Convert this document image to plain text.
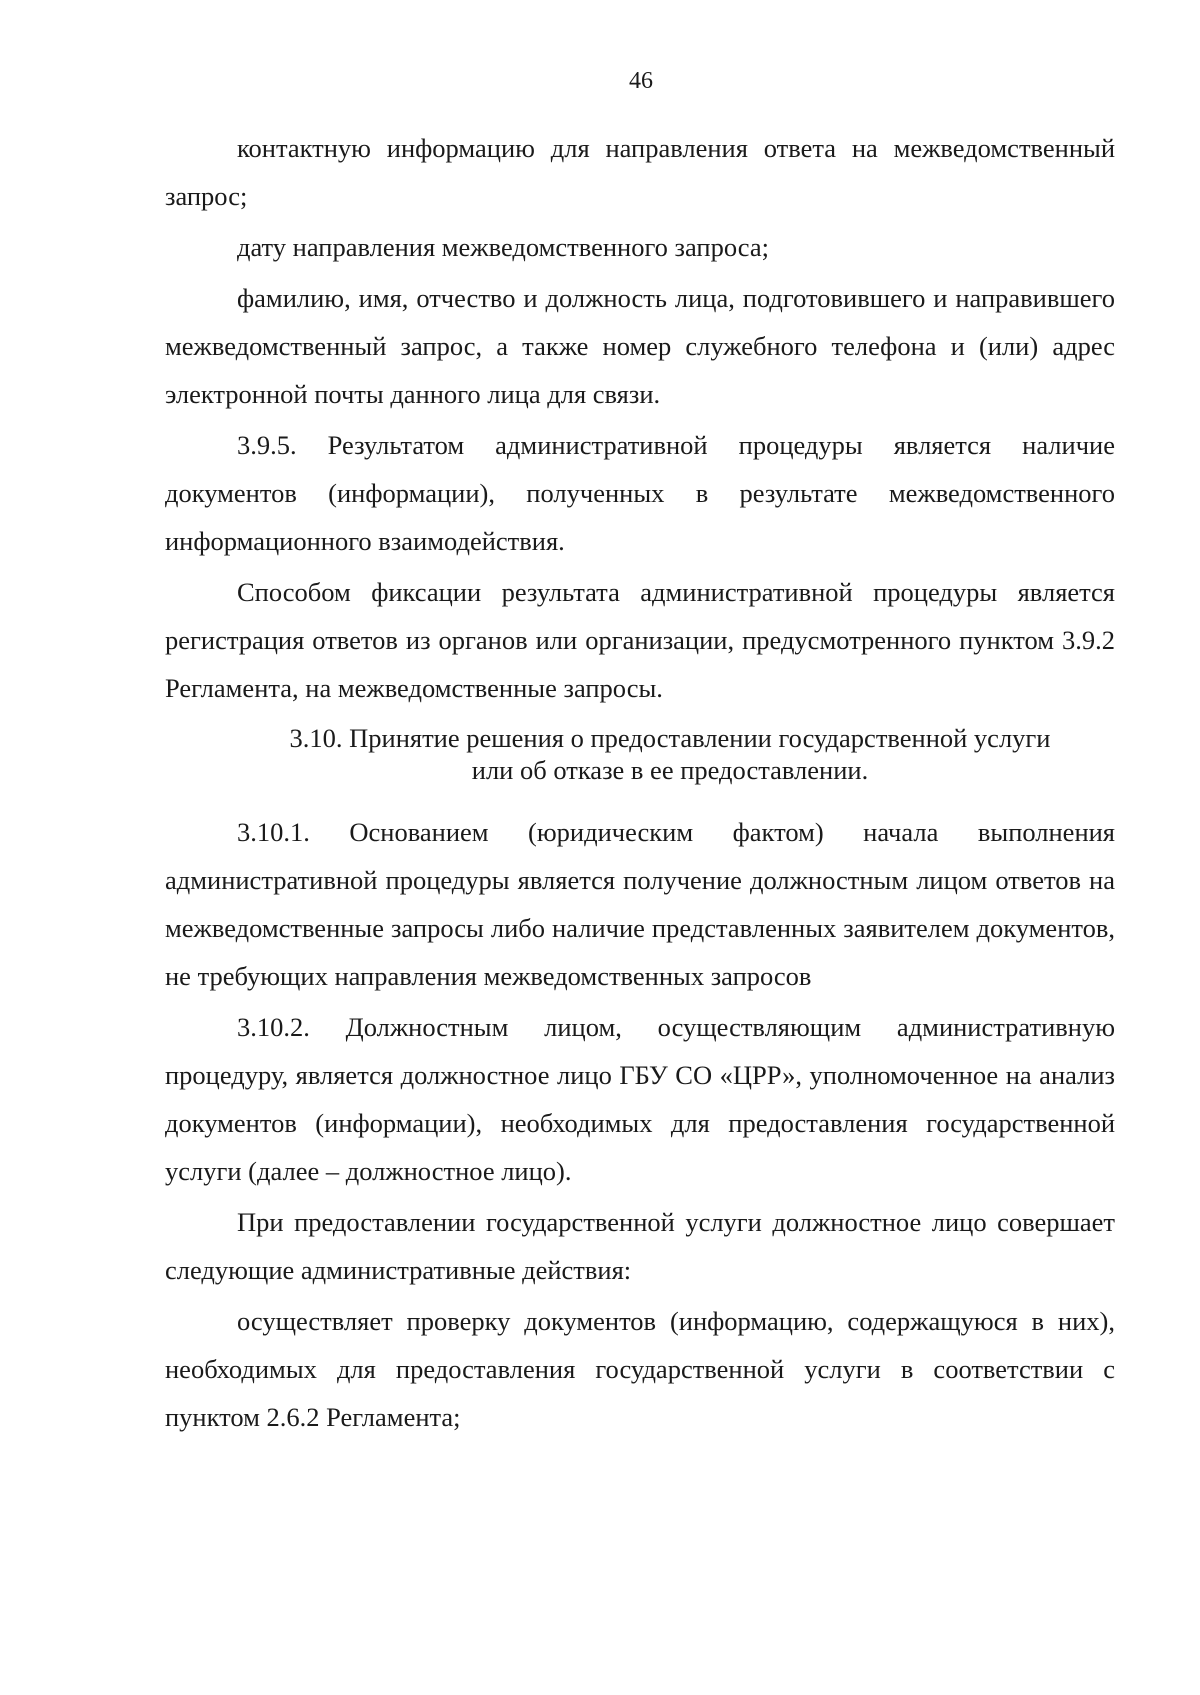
46

контактную информацию для направления ответа на межведомственный запрос;

дату направления межведомственного запроса;

фамилию, имя, отчество и должность лица, подготовившего и направившего межведомственный запрос, а также номер служебного телефона и (или) адрес электронной почты данного лица для связи.

3.9.5. Результатом административной процедуры является наличие документов (информации), полученных в результате межведомственного информационного взаимодействия.

Способом фиксации результата административной процедуры является регистрация ответов из органов или организации, предусмотренного пунктом 3.9.2 Регламента, на межведомственные запросы.

3.10. Принятие решения о предоставлении государственной услуги
или об отказе в ее предоставлении.

3.10.1. Основанием (юридическим фактом) начала выполнения административной процедуры является получение должностным лицом ответов на межведомственные запросы либо наличие представленных заявителем документов, не требующих направления межведомственных запросов

3.10.2. Должностным лицом, осуществляющим административную процедуру, является должностное лицо ГБУ СО «ЦРР», уполномоченное на анализ документов (информации), необходимых для предоставления государственной услуги (далее – должностное лицо).

При предоставлении государственной услуги должностное лицо совершает следующие административные действия:

осуществляет проверку документов (информацию, содержащуюся в них), необходимых для предоставления государственной услуги в соответствии с пунктом 2.6.2 Регламента;
